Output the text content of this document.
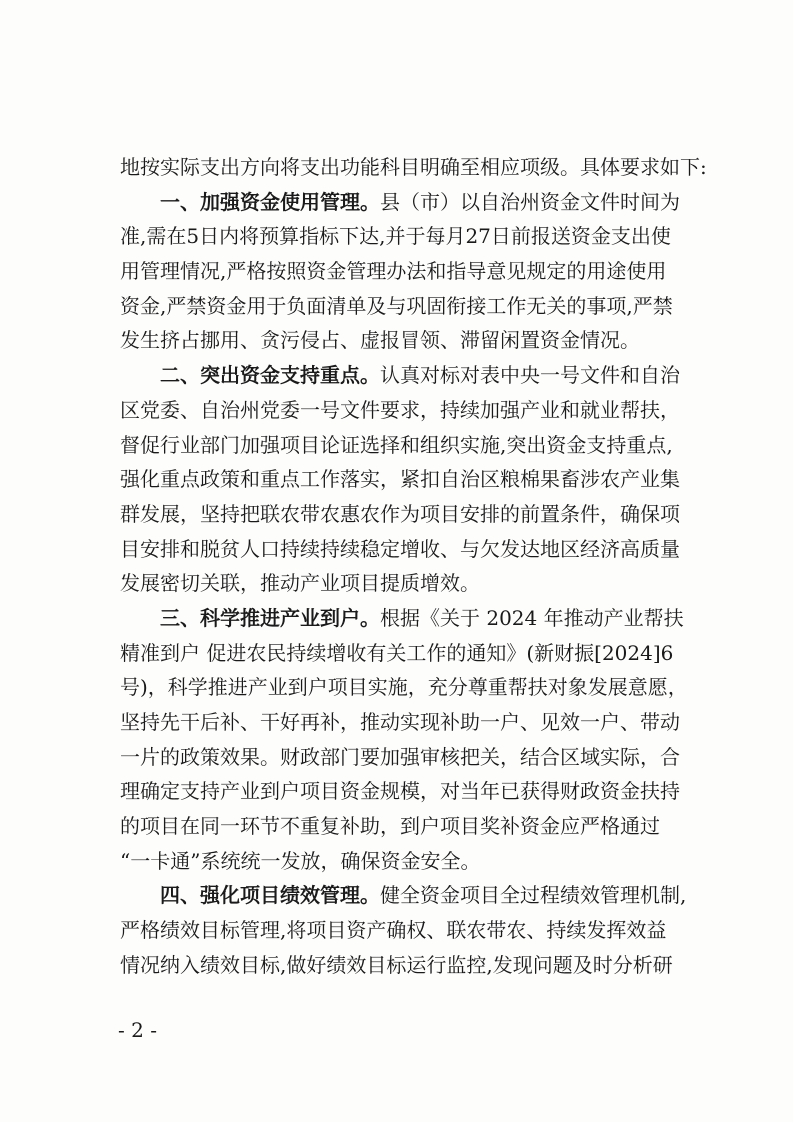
地按实际支出方向将支出功能科目明确至相应项级。具体要求如下:
一、加强资金使用管理。县（市）以自治州资金文件时间为
准,需在5日内将预算指标下达,并于每月27日前报送资金支出使
用管理情况,严格按照资金管理办法和指导意见规定的用途使用
资金,严禁资金用于负面清单及与巩固衔接工作无关的事项,严禁
发生挤占挪用、贪污侵占、虚报冒领、滞留闲置资金情况。
二、突出资金支持重点。认真对标对表中央一号文件和自治
区党委、自治州党委一号文件要求，持续加强产业和就业帮扶，
督促行业部门加强项目论证选择和组织实施,突出资金支持重点,
强化重点政策和重点工作落实，紧扣自治区粮棉果畜涉农产业集
群发展，坚持把联农带农惠农作为项目安排的前置条件，确保项
目安排和脱贫人口持续持续稳定增收、与欠发达地区经济高质量
发展密切关联，推动产业项目提质增效。
三、科学推进产业到户。根据《关于 2024 年推动产业帮扶
精准到户 促进农民持续增收有关工作的通知》(新财振[2024]6
号)，科学推进产业到户项目实施，充分尊重帮扶对象发展意愿，
坚持先干后补、干好再补，推动实现补助一户、见效一户、带动
一片的政策效果。财政部门要加强审核把关，结合区域实际，合
理确定支持产业到户项目资金规模，对当年已获得财政资金扶持
的项目在同一环节不重复补助，到户项目奖补资金应严格通过
“一卡通”系统统一发放，确保资金安全。
四、强化项目绩效管理。健全资金项目全过程绩效管理机制,
严格绩效目标管理,将项目资产确权、联农带农、持续发挥效益
情况纳入绩效目标,做好绩效目标运行监控,发现问题及时分析研
- 2 -
